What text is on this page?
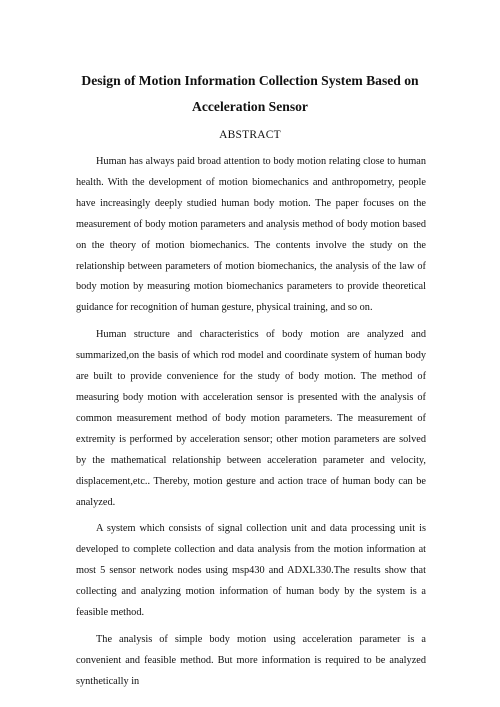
Design of Motion Information Collection System Based on
Acceleration Sensor
ABSTRACT

Human has always paid broad attention to body motion relating close to human health. With the development of motion biomechanics and anthropometry, people have increasingly deeply studied human body motion. The paper focuses on the measurement of body motion parameters and analysis method of body motion based on the theory of motion biomechanics. The contents involve the study on the relationship between parameters of motion biomechanics, the analysis of the law of body motion by measuring motion biomechanics parameters to provide theoretical guidance for recognition of human gesture, physical training, and so on.

Human structure and characteristics of body motion are analyzed and summarized,on the basis of which rod model and coordinate system of human body are built to provide convenience for the study of body motion. The method of measuring body motion with acceleration sensor is presented with the analysis of common measurement method of body motion parameters. The measurement of extremity is performed by acceleration sensor; other motion parameters are solved by the mathematical relationship between acceleration parameter and velocity, displacement,etc.. Thereby, motion gesture and action trace of human body can be analyzed.

A system which consists of signal collection unit and data processing unit is developed to complete collection and data analysis from the motion information at most 5 sensor network nodes using msp430 and ADXL330.The results show that collecting and analyzing motion information of human body by the system is a feasible method.

The analysis of simple body motion using acceleration parameter is a convenient and feasible method. But more information is required to be analyzed synthetically in
